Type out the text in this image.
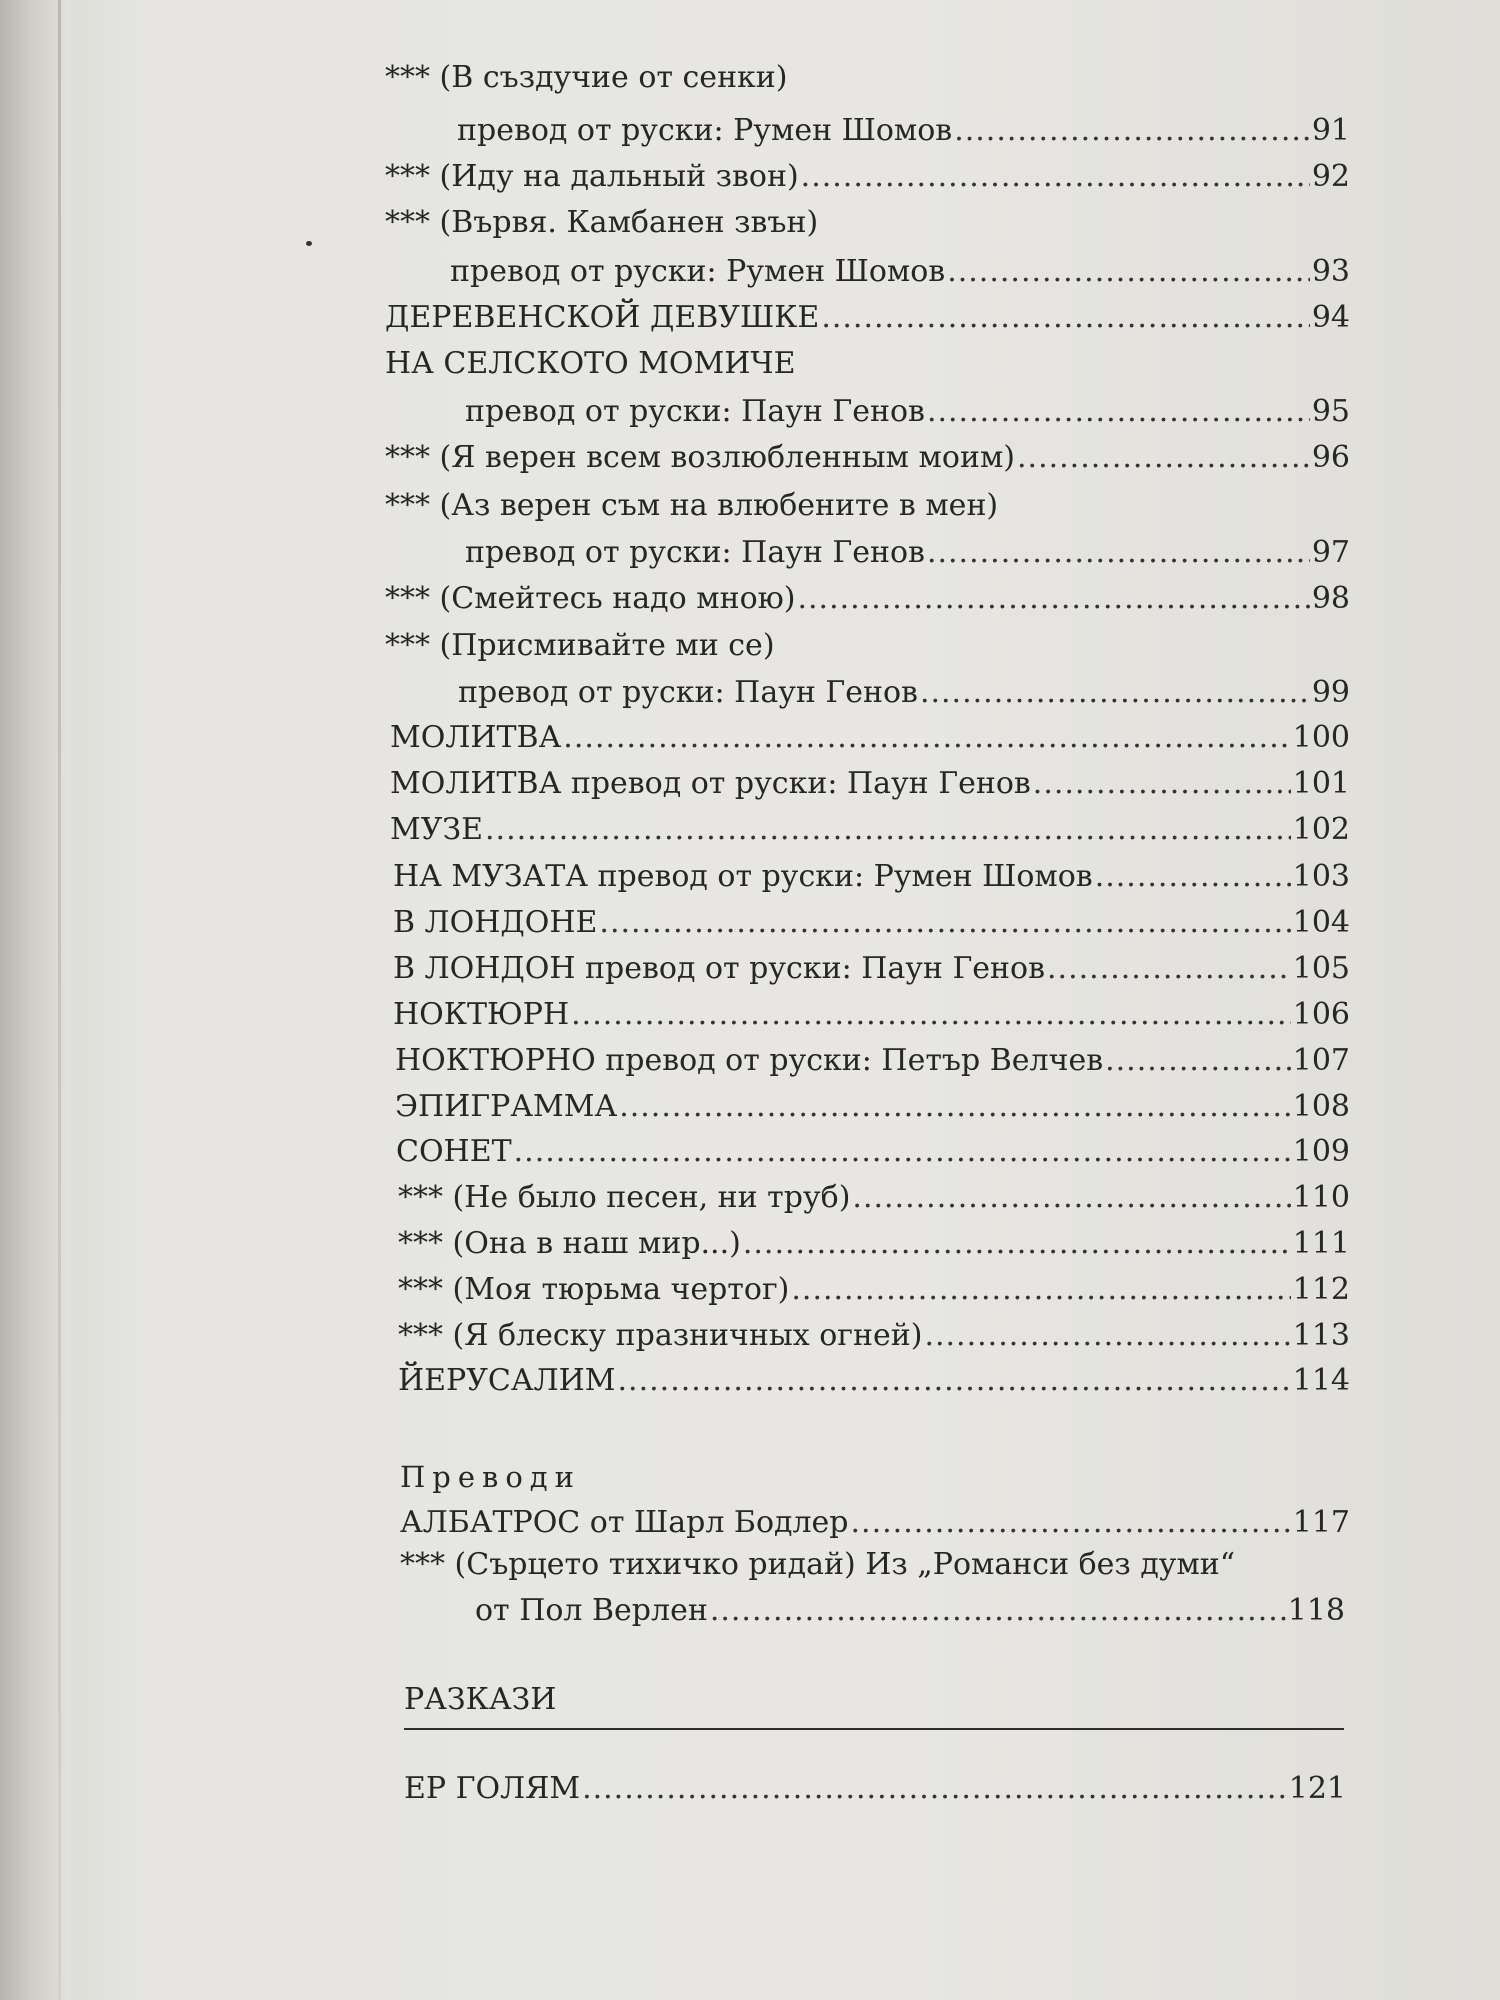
*** (В създучие от сенки)
превод от руски: Румен Шомов .....	91
*** (Иду на дальный звон) .....	92
*** (Вървя. Камбанен звън)
превод от руски: Румен Шомов .....	93
ДЕРЕВЕНСКОЙ ДЕВУШКЕ .....	94
НА СЕЛСКОТО МОМИЧЕ
превод от руски: Паун Генов .....	95
*** (Я верен всем возлюбленным моим) .....	96
*** (Аз верен съм на влюбените в мен)
превод от руски: Паун Генов .....	97
*** (Смейтесь надо мною) .....	98
*** (Присмивайте ми се)
превод от руски: Паун Генов .....	99
МОЛИТВА .....	100
МОЛИТВА превод от руски: Паун Генов .....	101
МУЗЕ .....	102
НА МУЗАТА превод от руски: Румен Шомов .....	103
В ЛОНДОНЕ .....	104
В ЛОНДОН превод от руски: Паун Генов .....	105
НОКТЮРН .....	106
НОКТЮРНО превод от руски: Петър Велчев .....	107
ЭПИГРАММА .....	108
СОНЕТ .....	109
*** (Не было песен, ни труб) .....	110
*** (Она в наш мир...) .....	111
*** (Моя тюрьма чертог) .....	112
*** (Я блеску празничных огней) .....	113
ЙЕРУСАЛИМ .....	114
Преводи
АЛБАТРОС от Шарл Бодлер .....	117
*** (Сърцето тихичко ридай) Из „Романси без думи“
от Пол Верлен .....	118
РАЗКАЗИ
ЕР ГОЛЯМ .....	121
